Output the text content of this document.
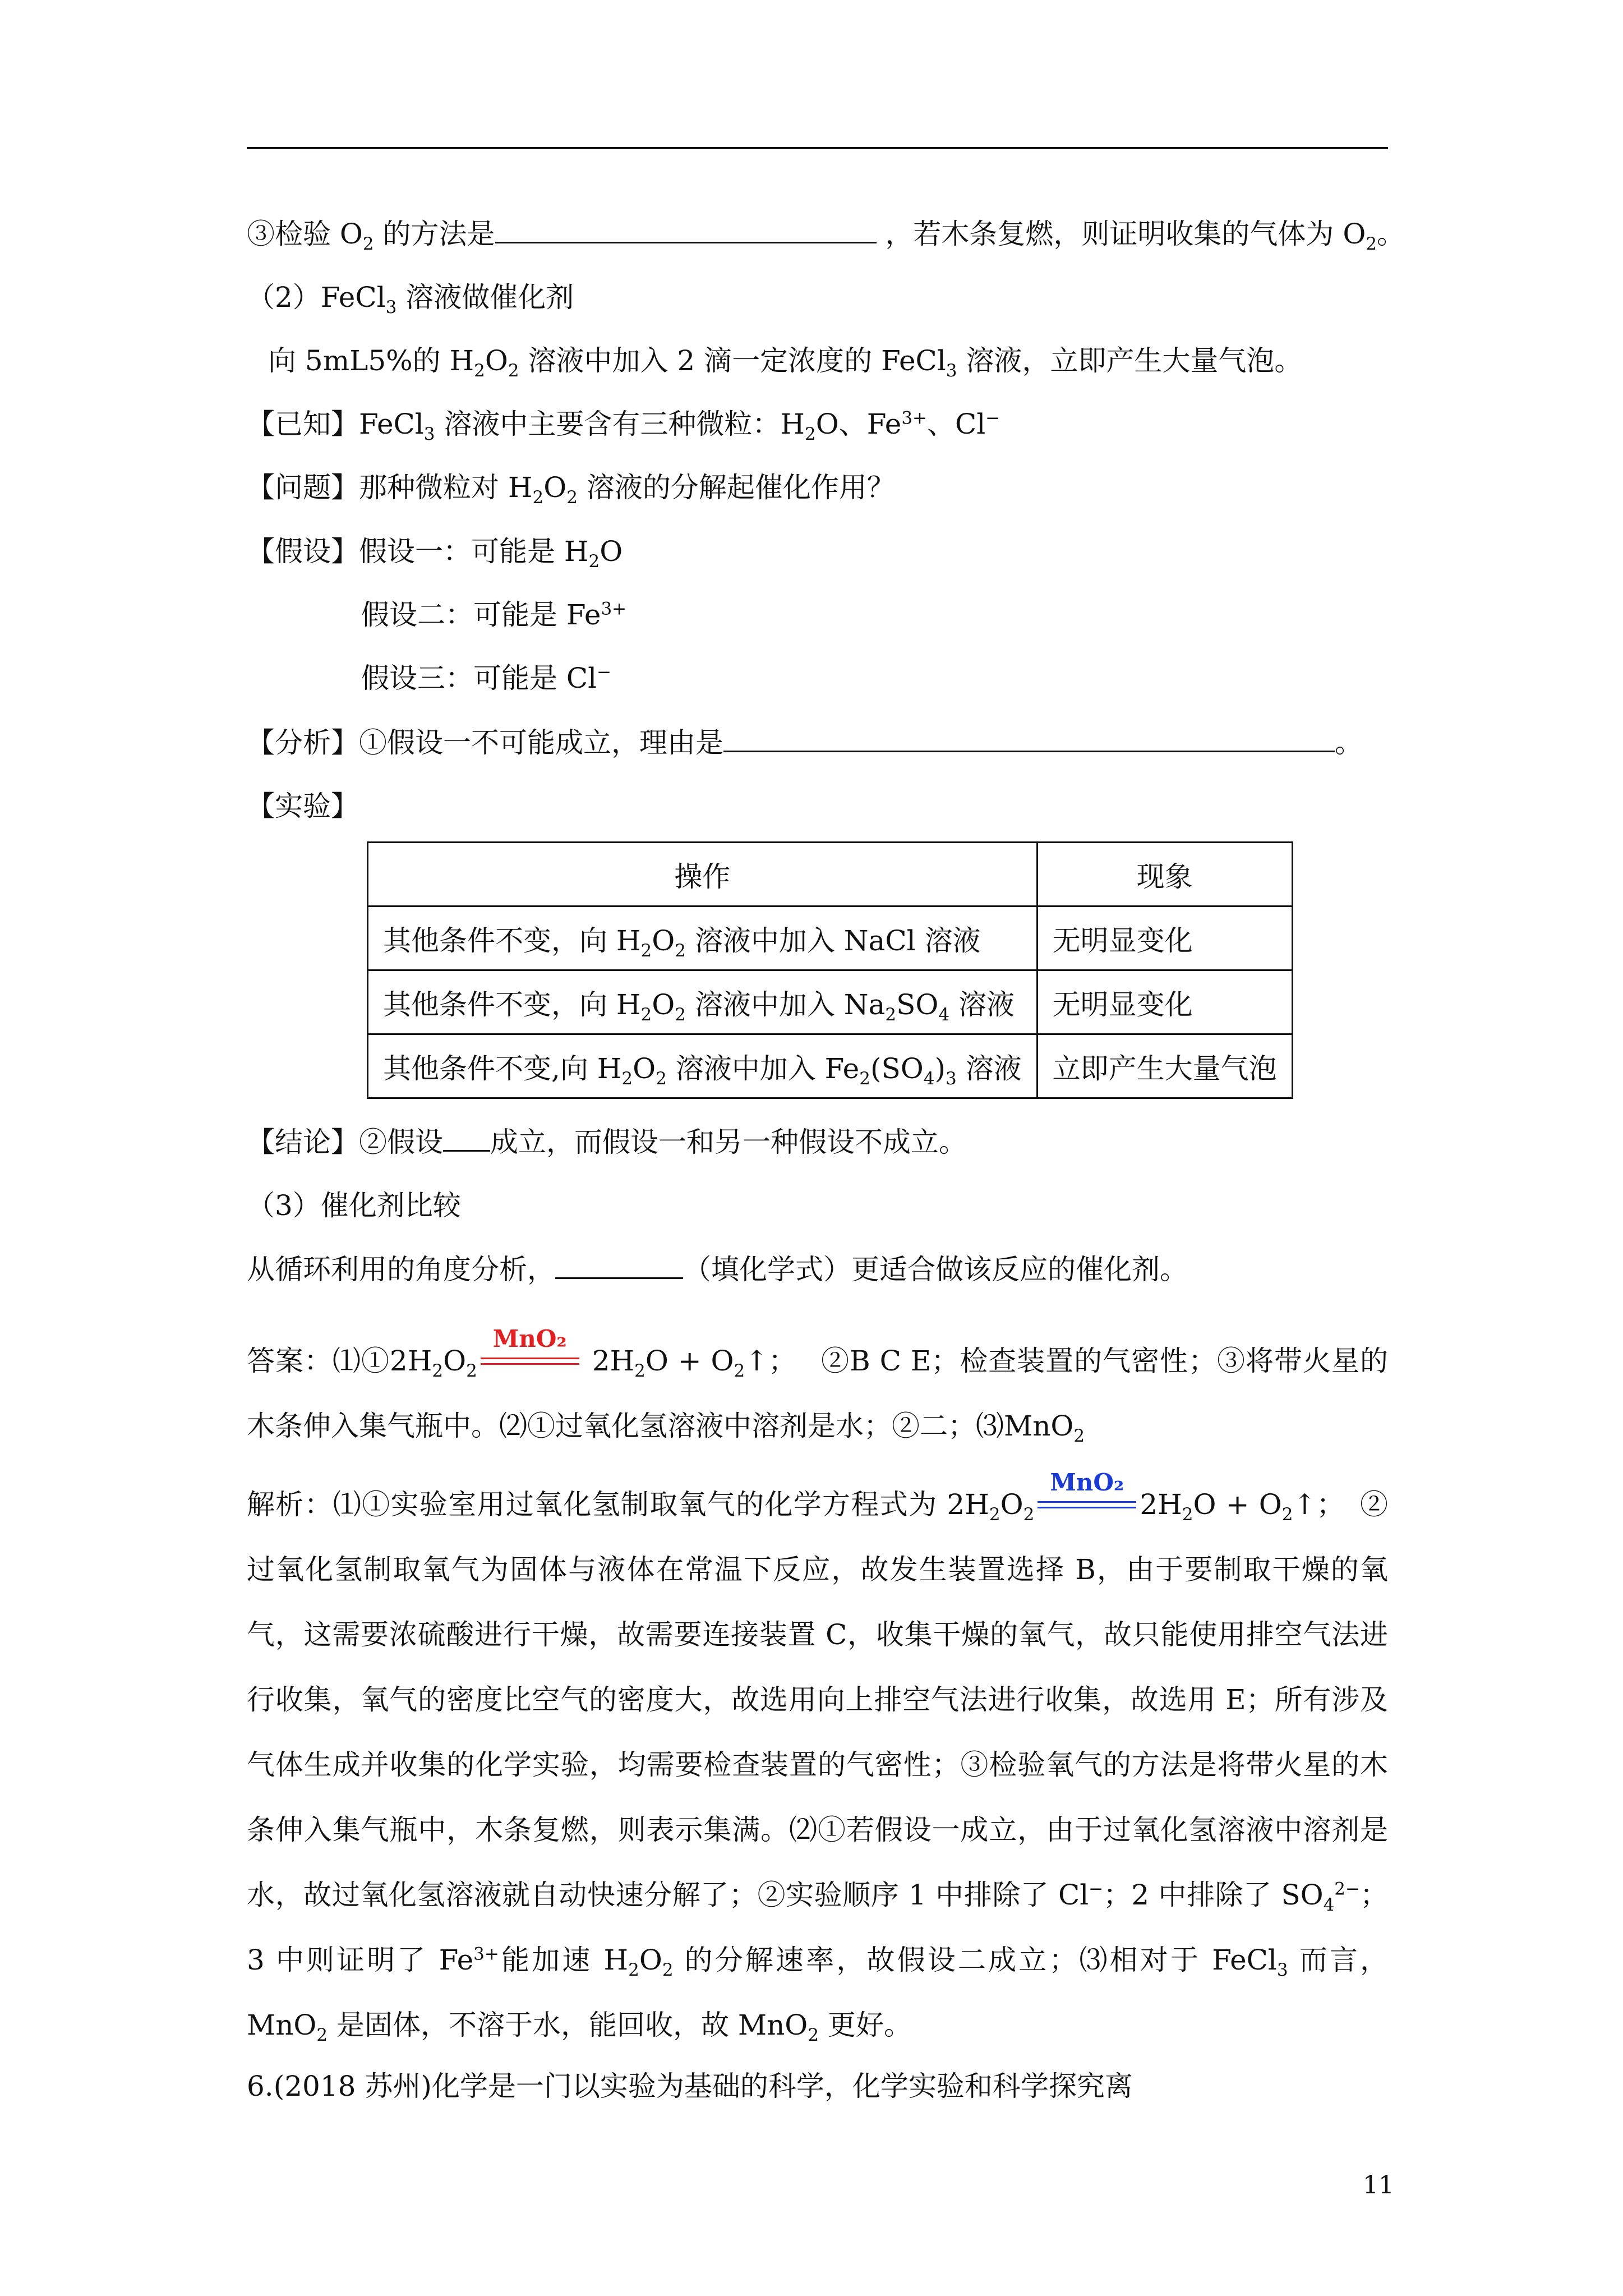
③检验 $O_2$ 的方法是	，若木条复燃，则证明收集的气体为 $O_2$。
（2）FeCl$_3$ 溶液做催化剂
向 5mL5%的 $H_2O_2$ 溶液中加入 2 滴一定浓度的 FeCl$_3$ 溶液，立即产生大量气泡。
【已知】FeCl$_3$ 溶液中主要含有三种微粒：$H_2O$、$Fe^{3+}$、Cl−
【问题】那种微粒对 $H_2O_2$ 溶液的分解起催化作用？
【假设】假设一：可能是 $H_2O$
假设二：可能是 $Fe^{3+}$
假设三：可能是 Cl−
【分析】①假设一不可能成立，理由是	。
【实验】
操作	现象
其他条件不变，向 $H_2O_2$ 溶液中加入 NaCl 溶液	无明显变化
其他条件不变，向 $H_2O_2$ 溶液中加入 $Na_2SO_4$ 溶液	无明显变化
其他条件不变,向 $H_2O_2$ 溶液中加入 $Fe_2(SO_4)_3$ 溶液	立即产生大量气泡
【结论】②假设 成立，而假设一和另一种假设不成立。
（3）催化剂比较
从循环利用的角度分析，	（填化学式）更适合做该反应的催化剂。
答案：$⑴①2H_2O_2$
MnO₂
$2H_2O$ + $O_2↑$；　 ②B C E；检查装置的气密性；③将带火星的木条伸入集气瓶中。⑵①过氧化氢溶液中溶剂是水；②二；⑶MnO$_2$
解析：⑴①实验室用过氧化氢制取氧气的化学方程式为 $2H_2O_2$
MnO₂
$2H_2O$ + $O_2↑$；　②过氧化氢制取氧气为固体与液体在常温下反应，故发生装置选择 B，由于要制取干燥的氧气，这需要浓硫酸进行干燥，故需要连接装置 C，收集干燥的氧气，故只能使用排空气法进行收集，氧气的密度比空气的密度大，故选用向上排空气法进行收集，故选用 E；所有涉及气体生成并收集的化学实验，均需要检查装置的气密性；③检验氧气的方法是将带火星的木条伸入集气瓶中，木条复燃，则表示集满。⑵①若假设一成立，由于过氧化氢溶液中溶剂是水，故过氧化氢溶液就自动快速分解了；②实验顺序 1 中排除了 Cl−；2 中排除了 $SO_4^{2-}$；3 中则证明了 $Fe^{3+}$能加速 $H_2O_2$ 的分解速率，故假设二成立；⑶相对于 FeCl$_3$ 而言，MnO$_2$ 是固体，不溶于水，能回收，故 MnO$_2$ 更好。
6.(2018 苏州)化学是一门以实验为基础的科学，化学实验和科学探究离
11
